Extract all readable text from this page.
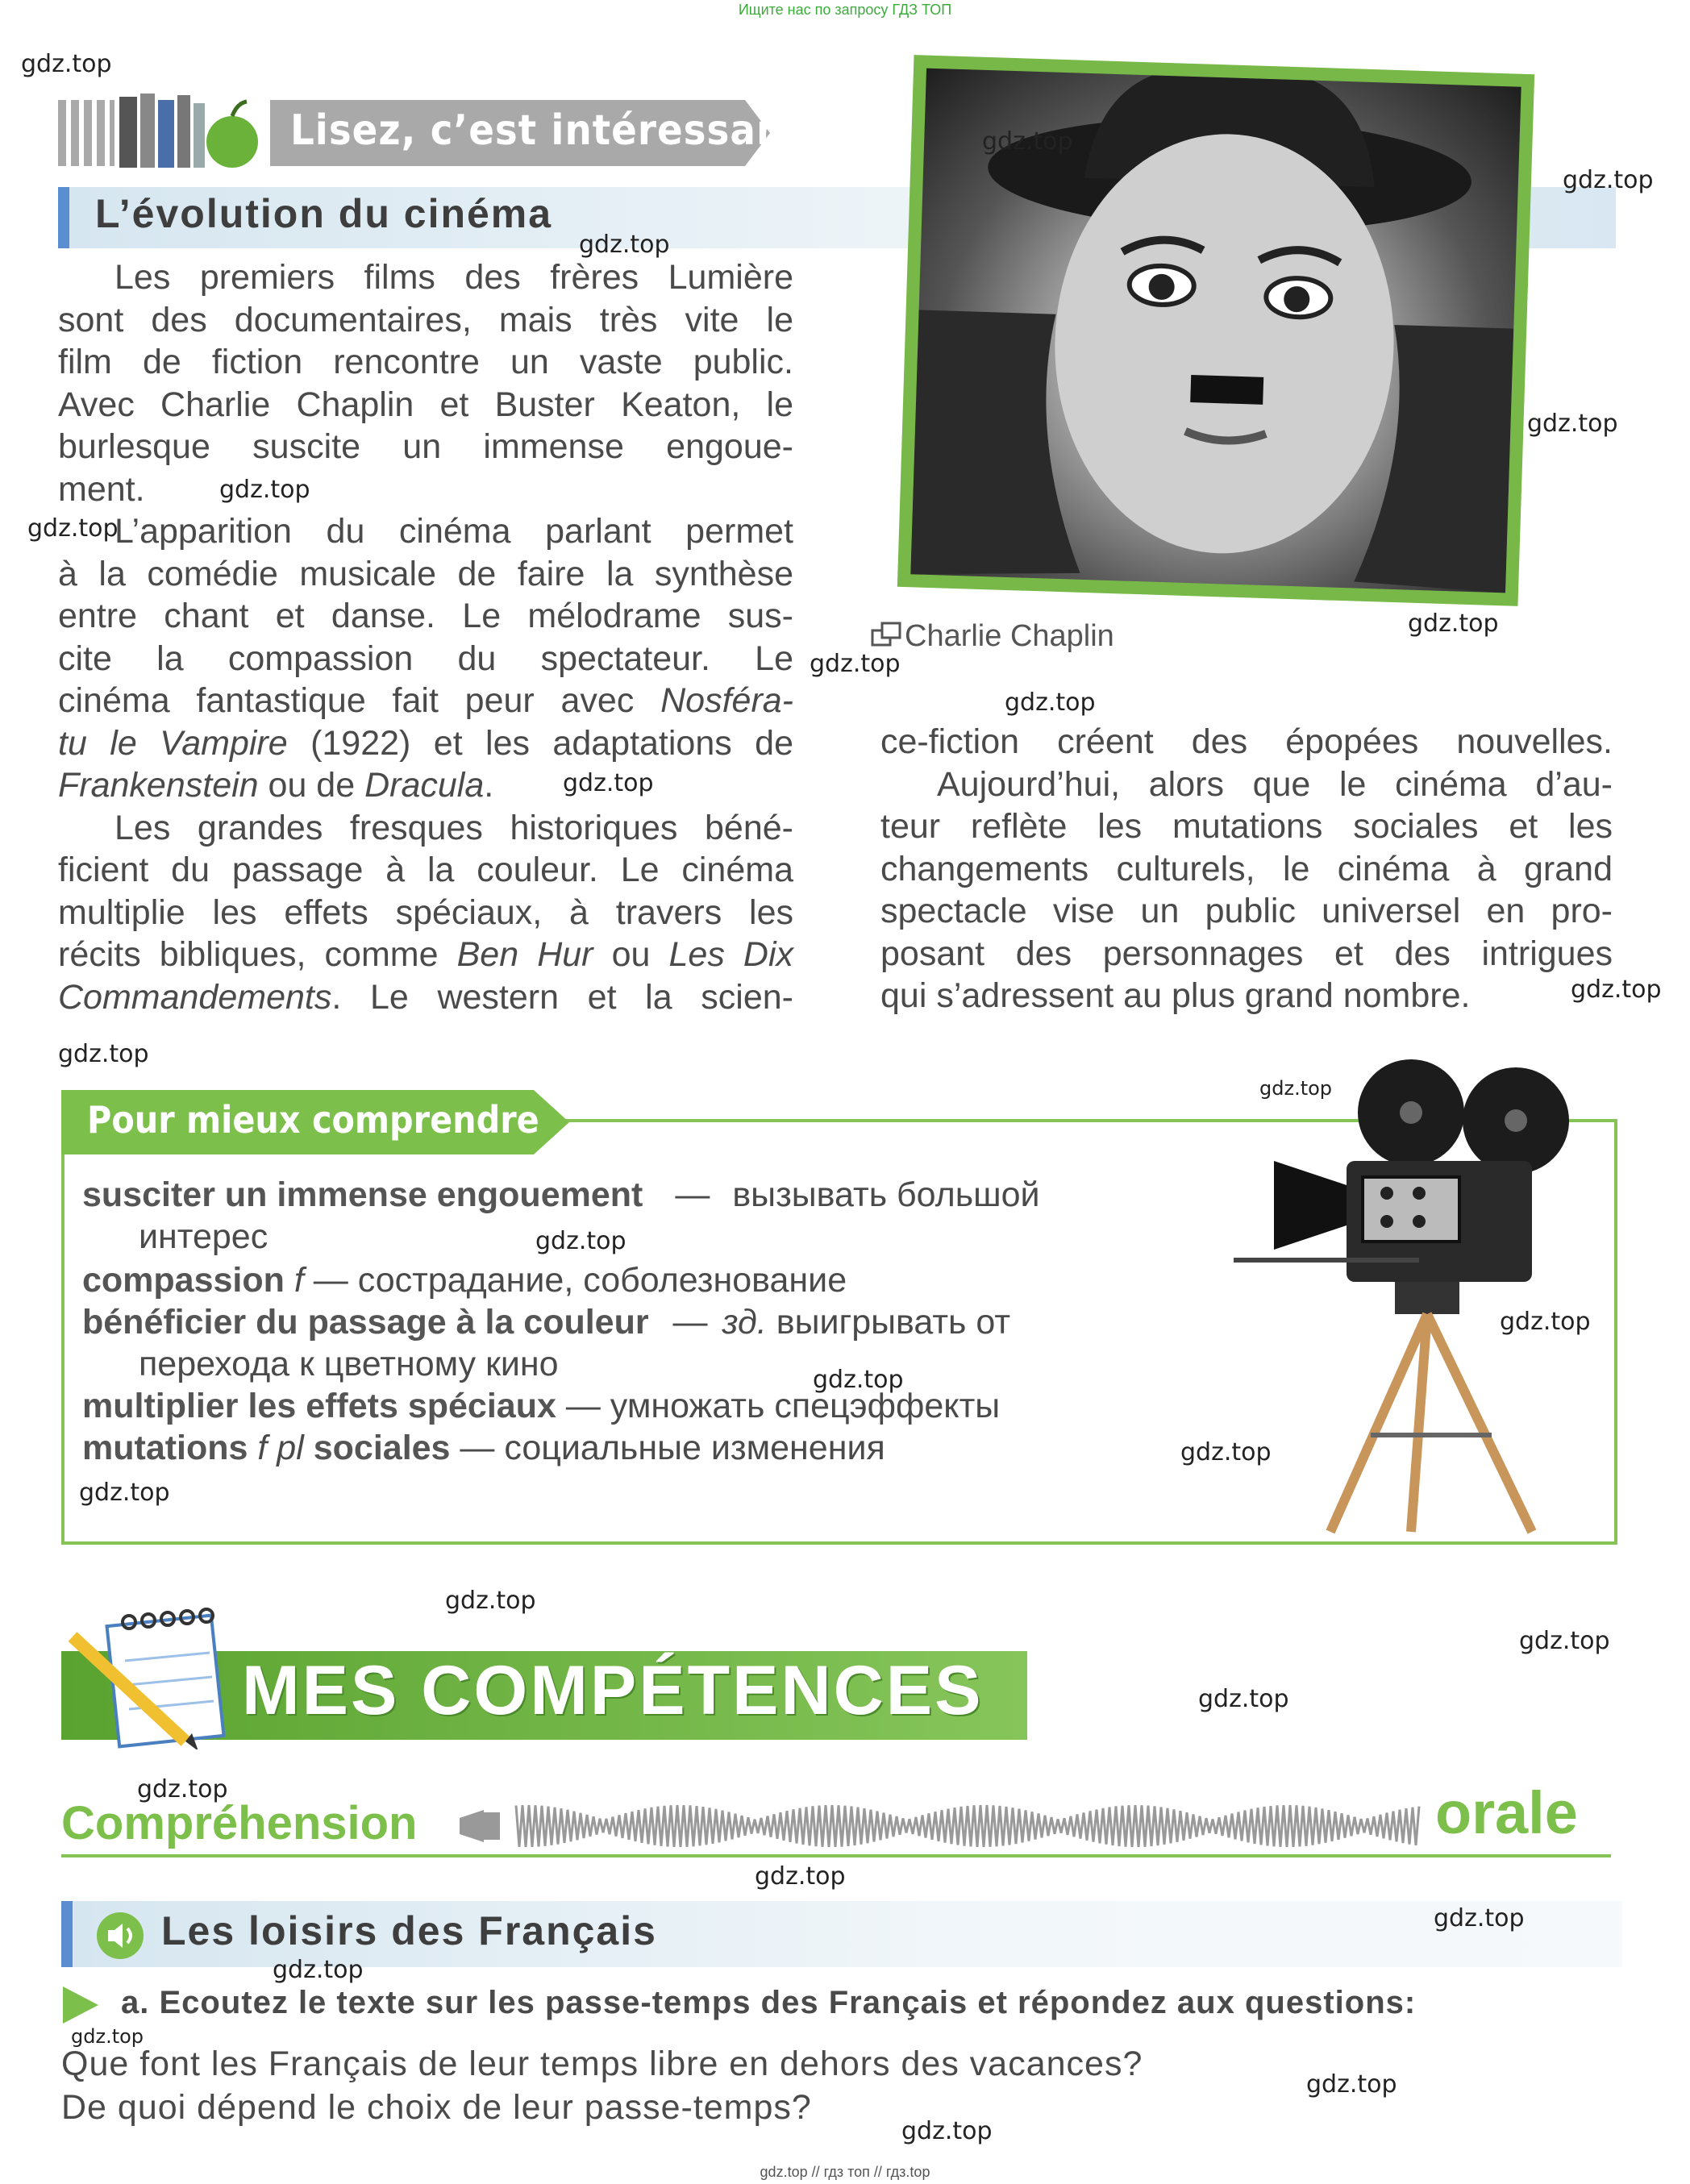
Ищите нас по запросу ГДЗ ТОП
Lisez, c’est intéressant
L’évolution du cinéma
Les premiers films des frères Lumière
sont des documentaires, mais très vite le
film de fiction rencontre un vaste public.
Avec Charlie Chaplin et Buster Keaton, le
burlesque suscite un immense engoue-
ment.
L’apparition du cinéma parlant permet
à la comédie musicale de faire la synthèse
entre chant et danse. Le mélodrame sus-
cite la compassion du spectateur. Le
cinéma fantastique fait peur avec Nosféra-
tu le Vampire (1922) et les adaptations de
Frankenstein ou de Dracula.
Les grandes fresques historiques béné-
ficient du passage à la couleur. Le cinéma
multiplie les effets spéciaux, à travers les
récits bibliques, comme Ben Hur ou Les Dix
Commandements. Le western et la scien-
Charlie Chaplin
ce-fiction créent des épopées nouvelles.
Aujourd’hui, alors que le cinéma d’au-
teur reflète les mutations sociales et les
changements culturels, le cinéma à grand
spectacle vise un public universel en pro-
posant des personnages et des intrigues
qui s’adressent au plus grand nombre.
Pour mieux comprendre
susciter un immense engouement — вызывать большой
интерес
compassion f — сострадание, соболезнование
bénéficier du passage à la couleur — зд. выигрывать от
перехода к цветному кино
multiplier les effets spéciaux — умножать спецэффекты
mutations f pl sociales — социальные изменения
MES COMPÉTENCES
Compréhension	orale
Les loisirs des Français
a. Ecoutez le texte sur les passe-temps des Français et répondez aux questions:
Que font les Français de leur temps libre en dehors des vacances?
De quoi dépend le choix de leur passe-temps?
gdz.top
gdz.top
gdz.top
gdz.top
gdz.top
gdz.top
gdz.top
gdz.top
gdz.top
gdz.top
gdz.top
gdz.top
gdz.top
gdz.top
gdz.top
gdz.top
gdz.top
gdz.top
gdz.top
gdz.top
gdz.top
gdz.top
gdz.top
gdz.top
gdz.top
gdz.top
gdz.top
gdz.top
gdz.top
gdz.top // гдз топ // гдз.top
